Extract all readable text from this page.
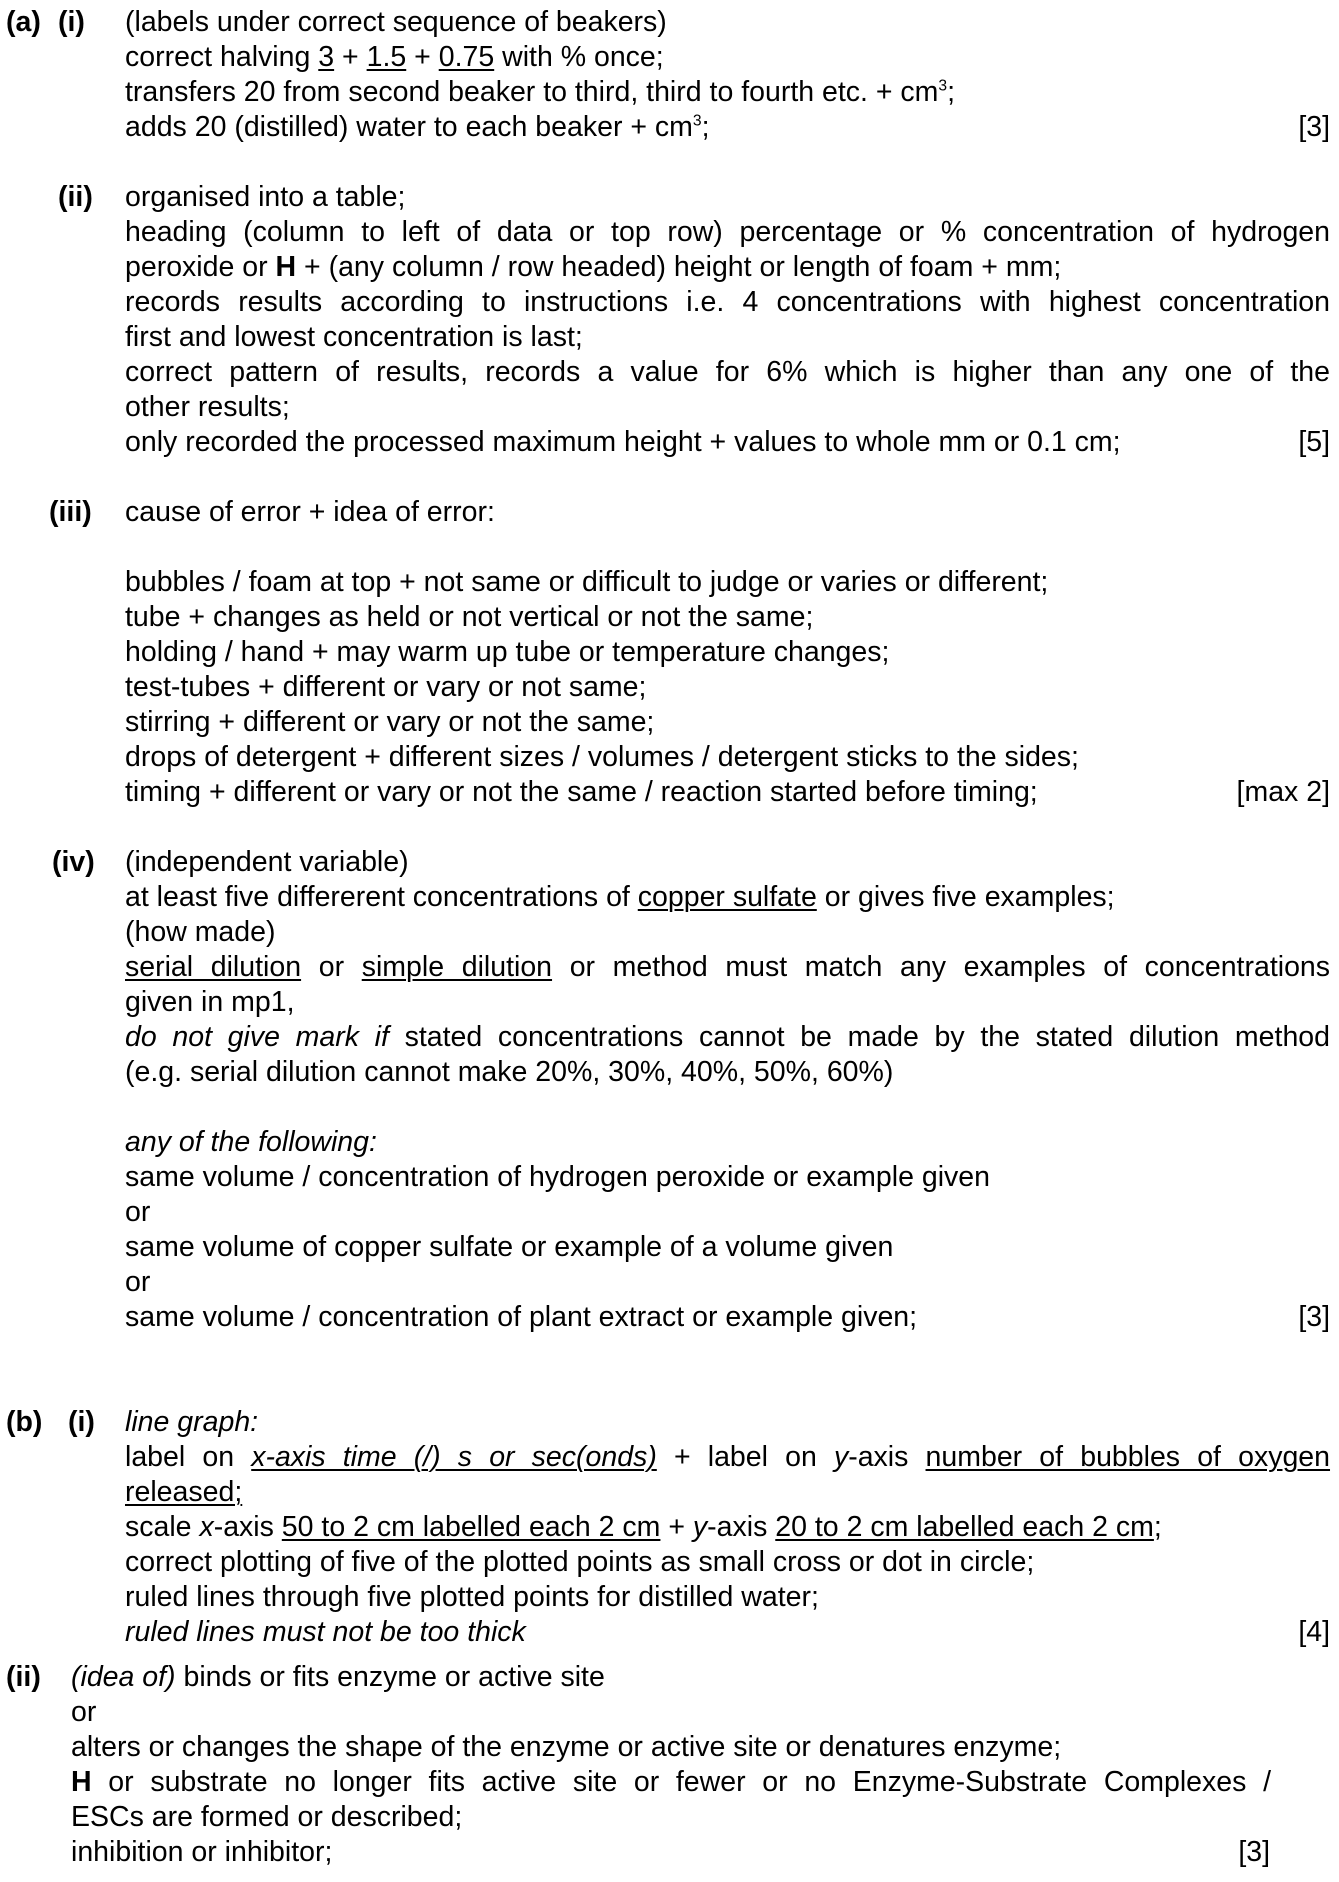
(a) (i) (labels under correct sequence of beakers)
correct halving 3 + 1.5 + 0.75 with % once;
transfers 20 from second beaker to third, third to fourth etc. + $cm^3$;
adds 20 (distilled) water to each beaker + $cm^3$;	[3]
(ii) organised into a table;
heading (column to left of data or top row) percentage or % concentration of hydrogen
peroxide or H + (any column / row headed) height or length of foam + mm;
records results according to instructions i.e. 4 concentrations with highest concentration
first and lowest concentration is last;
correct pattern of results, records a value for 6% which is higher than any one of the
other results;
only recorded the processed maximum height + values to whole mm or 0.1 cm;	[5]
(iii) cause of error + idea of error:
bubbles / foam at top + not same or difficult to judge or varies or different;
tube + changes as held or not vertical or not the same;
holding / hand + may warm up tube or temperature changes;
test-tubes + different or vary or not same;
stirring + different or vary or not the same;
drops of detergent + different sizes / volumes / detergent sticks to the sides;
timing + different or vary or not the same / reaction started before timing;	[max 2]
(iv) (independent variable)
at least five differerent concentrations of copper sulfate or gives five examples;
(how made)
serial dilution or simple dilution or method must match any examples of concentrations
given in mp1,
do not give mark if stated concentrations cannot be made by the stated dilution method
(e.g. serial dilution cannot make 20%, 30%, 40%, 50%, 60%)
any of the following:
same volume / concentration of hydrogen peroxide or example given
or
same volume of copper sulfate or example of a volume given
or
same volume / concentration of plant extract or example given;	[3]
(b) (i) line graph:
label on x-axis time (/) s or sec(onds) + label on y-axis number of bubbles of oxygen
released;
scale x-axis 50 to 2 cm labelled each 2 cm + y-axis 20 to 2 cm labelled each 2 cm;
correct plotting of five of the plotted points as small cross or dot in circle;
ruled lines through five plotted points for distilled water;
ruled lines must not be too thick	[4]
(ii) (idea of) binds or fits enzyme or active site
or
alters or changes the shape of the enzyme or active site or denatures enzyme;
H or substrate no longer fits active site or fewer or no Enzyme-Substrate Complexes /
ESCs are formed or described;
inhibition or inhibitor;	[3]
